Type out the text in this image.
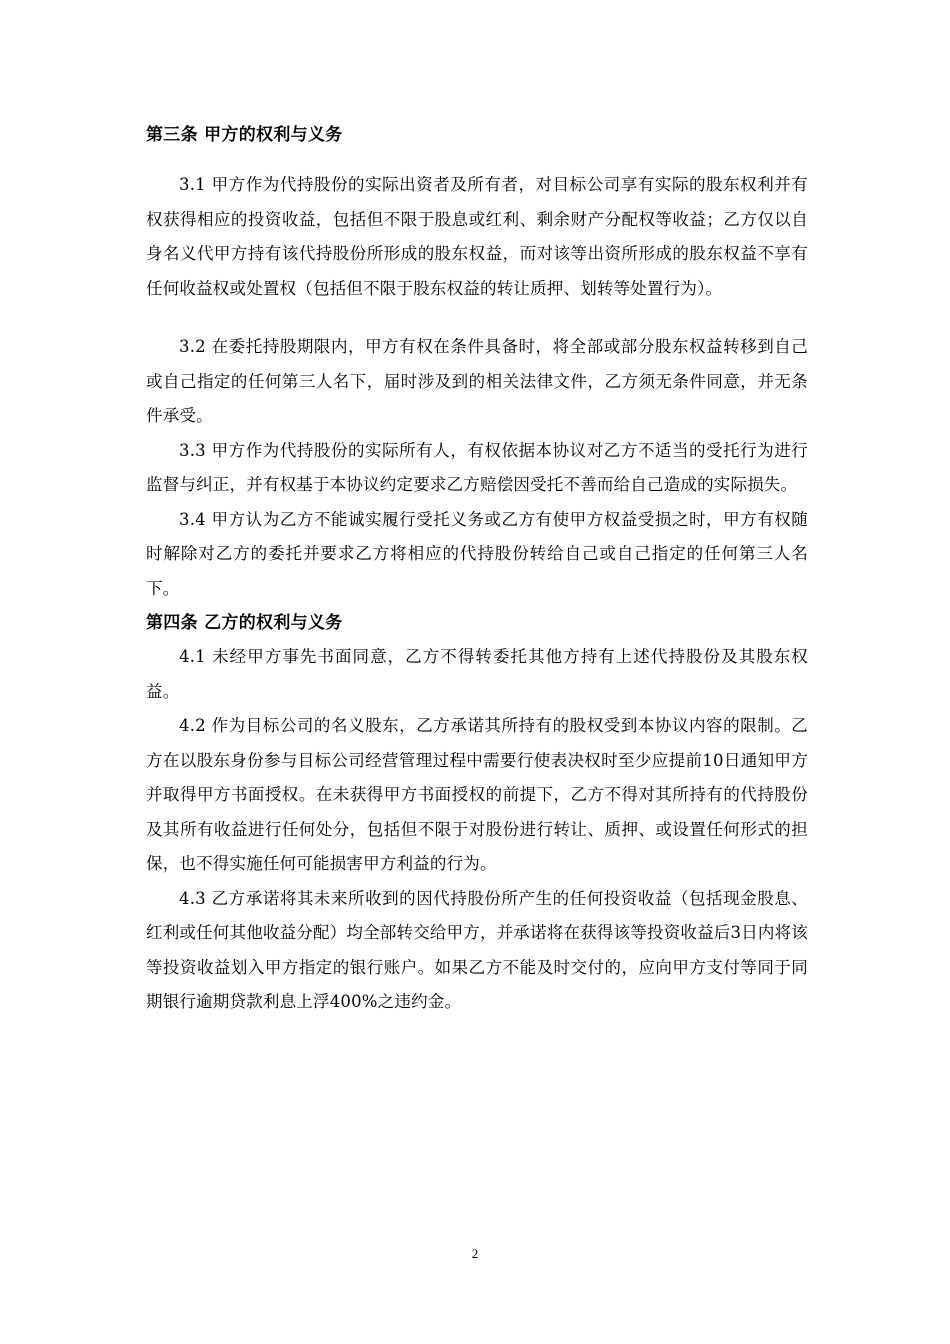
第三条 甲方的权利与义务

3.1 甲方作为代持股份的实际出资者及所有者，对目标公司享有实际的股东权利并有权获得相应的投资收益，包括但不限于股息或红利、剩余财产分配权等收益；乙方仅以自身名义代甲方持有该代持股份所形成的股东权益，而对该等出资所形成的股东权益不享有任何收益权或处置权（包括但不限于股东权益的转让质押、划转等处置行为）。

3.2 在委托持股期限内，甲方有权在条件具备时，将全部或部分股东权益转移到自己或自己指定的任何第三人名下，届时涉及到的相关法律文件，乙方须无条件同意，并无条件承受。

3.3 甲方作为代持股份的实际所有人，有权依据本协议对乙方不适当的受托行为进行监督与纠正，并有权基于本协议约定要求乙方赔偿因受托不善而给自己造成的实际损失。

3.4 甲方认为乙方不能诚实履行受托义务或乙方有使甲方权益受损之时，甲方有权随时解除对乙方的委托并要求乙方将相应的代持股份转给自己或自己指定的任何第三人名下。

第四条 乙方的权利与义务

4.1 未经甲方事先书面同意，乙方不得转委托其他方持有上述代持股份及其股东权益。

4.2 作为目标公司的名义股东，乙方承诺其所持有的股权受到本协议内容的限制。乙方在以股东身份参与目标公司经营管理过程中需要行使表决权时至少应提前10日通知甲方并取得甲方书面授权。在未获得甲方书面授权的前提下，乙方不得对其所持有的代持股份及其所有收益进行任何处分，包括但不限于对股份进行转让、质押、或设置任何形式的担保，也不得实施任何可能损害甲方利益的行为。

4.3 乙方承诺将其未来所收到的因代持股份所产生的任何投资收益（包括现金股息、红利或任何其他收益分配）均全部转交给甲方，并承诺将在获得该等投资收益后3日内将该等投资收益划入甲方指定的银行账户。如果乙方不能及时交付的，应向甲方支付等同于同期银行逾期贷款利息上浮400%之违约金。

2
